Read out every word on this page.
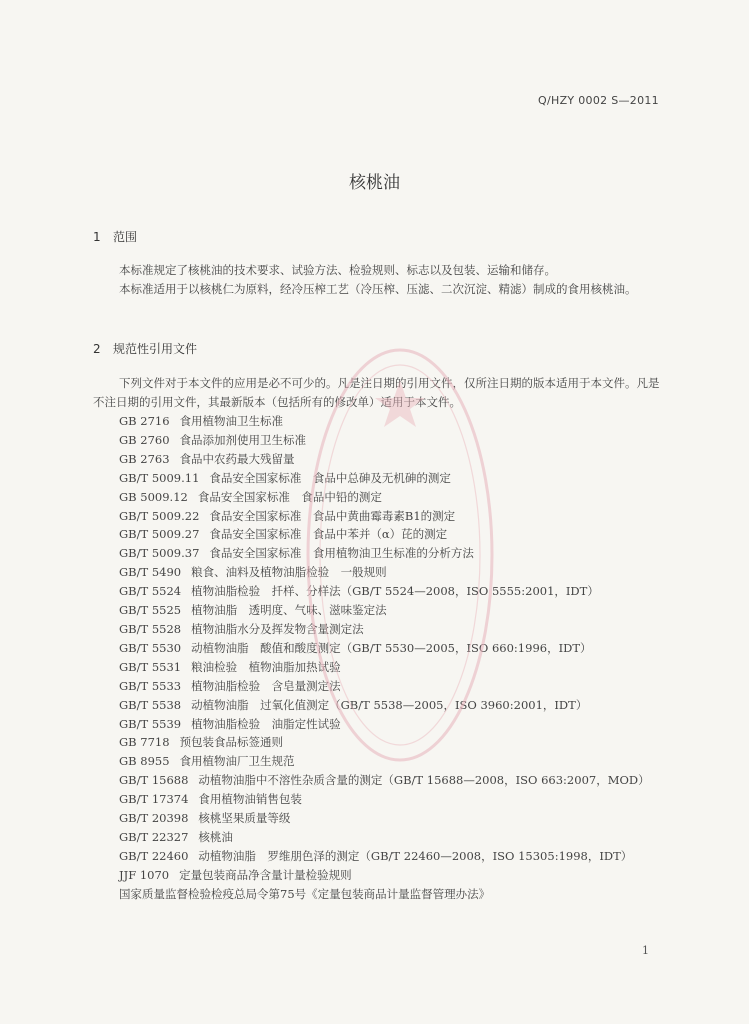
Q/HZY 0002 S—2011
核桃油
1 范围
本标准规定了核桃油的技术要求、试验方法、检验规则、标志以及包装、运输和储存。
本标准适用于以核桃仁为原料，经冷压榨工艺（冷压榨、压滤、二次沉淀、精滤）制成的食用核桃油。
2 规范性引用文件
下列文件对于本文件的应用是必不可少的。凡是注日期的引用文件，仅所注日期的版本适用于本文件。凡是不注日期的引用文件，其最新版本（包括所有的修改单）适用于本文件。
GB 2716 食用植物油卫生标准
GB 2760 食品添加剂使用卫生标准
GB 2763 食品中农药最大残留量
GB/T 5009.11 食品安全国家标准　食品中总砷及无机砷的测定
GB 5009.12 食品安全国家标准　食品中铅的测定
GB/T 5009.22 食品安全国家标准　食品中黄曲霉毒素B1的测定
GB/T 5009.27 食品安全国家标准　食品中苯并（α）芘的测定
GB/T 5009.37 食品安全国家标准　食用植物油卫生标准的分析方法
GB/T 5490 粮食、油料及植物油脂检验　一般规则
GB/T 5524 植物油脂检验　扦样、分样法（GB/T 5524—2008，ISO 5555:2001，IDT）
GB/T 5525 植物油脂　透明度、气味、滋味鉴定法
GB/T 5528 植物油脂水分及挥发物含量测定法
GB/T 5530 动植物油脂　酸值和酸度测定（GB/T 5530—2005，ISO 660:1996，IDT）
GB/T 5531 粮油检验　植物油脂加热试验
GB/T 5533 植物油脂检验　含皂量测定法
GB/T 5538 动植物油脂　过氧化值测定（GB/T 5538—2005，ISO 3960:2001，IDT）
GB/T 5539 植物油脂检验　油脂定性试验
GB 7718 预包装食品标签通则
GB 8955 食用植物油厂卫生规范
GB/T 15688 动植物油脂中不溶性杂质含量的测定（GB/T 15688—2008，ISO 663:2007，MOD）
GB/T 17374 食用植物油销售包装
GB/T 20398 核桃坚果质量等级
GB/T 22327 核桃油
GB/T 22460 动植物油脂　罗维朋色泽的测定（GB/T 22460—2008，ISO 15305:1998，IDT）
JJF 1070 定量包装商品净含量计量检验规则
国家质量监督检验检疫总局令第75号《定量包装商品计量监督管理办法》
1
